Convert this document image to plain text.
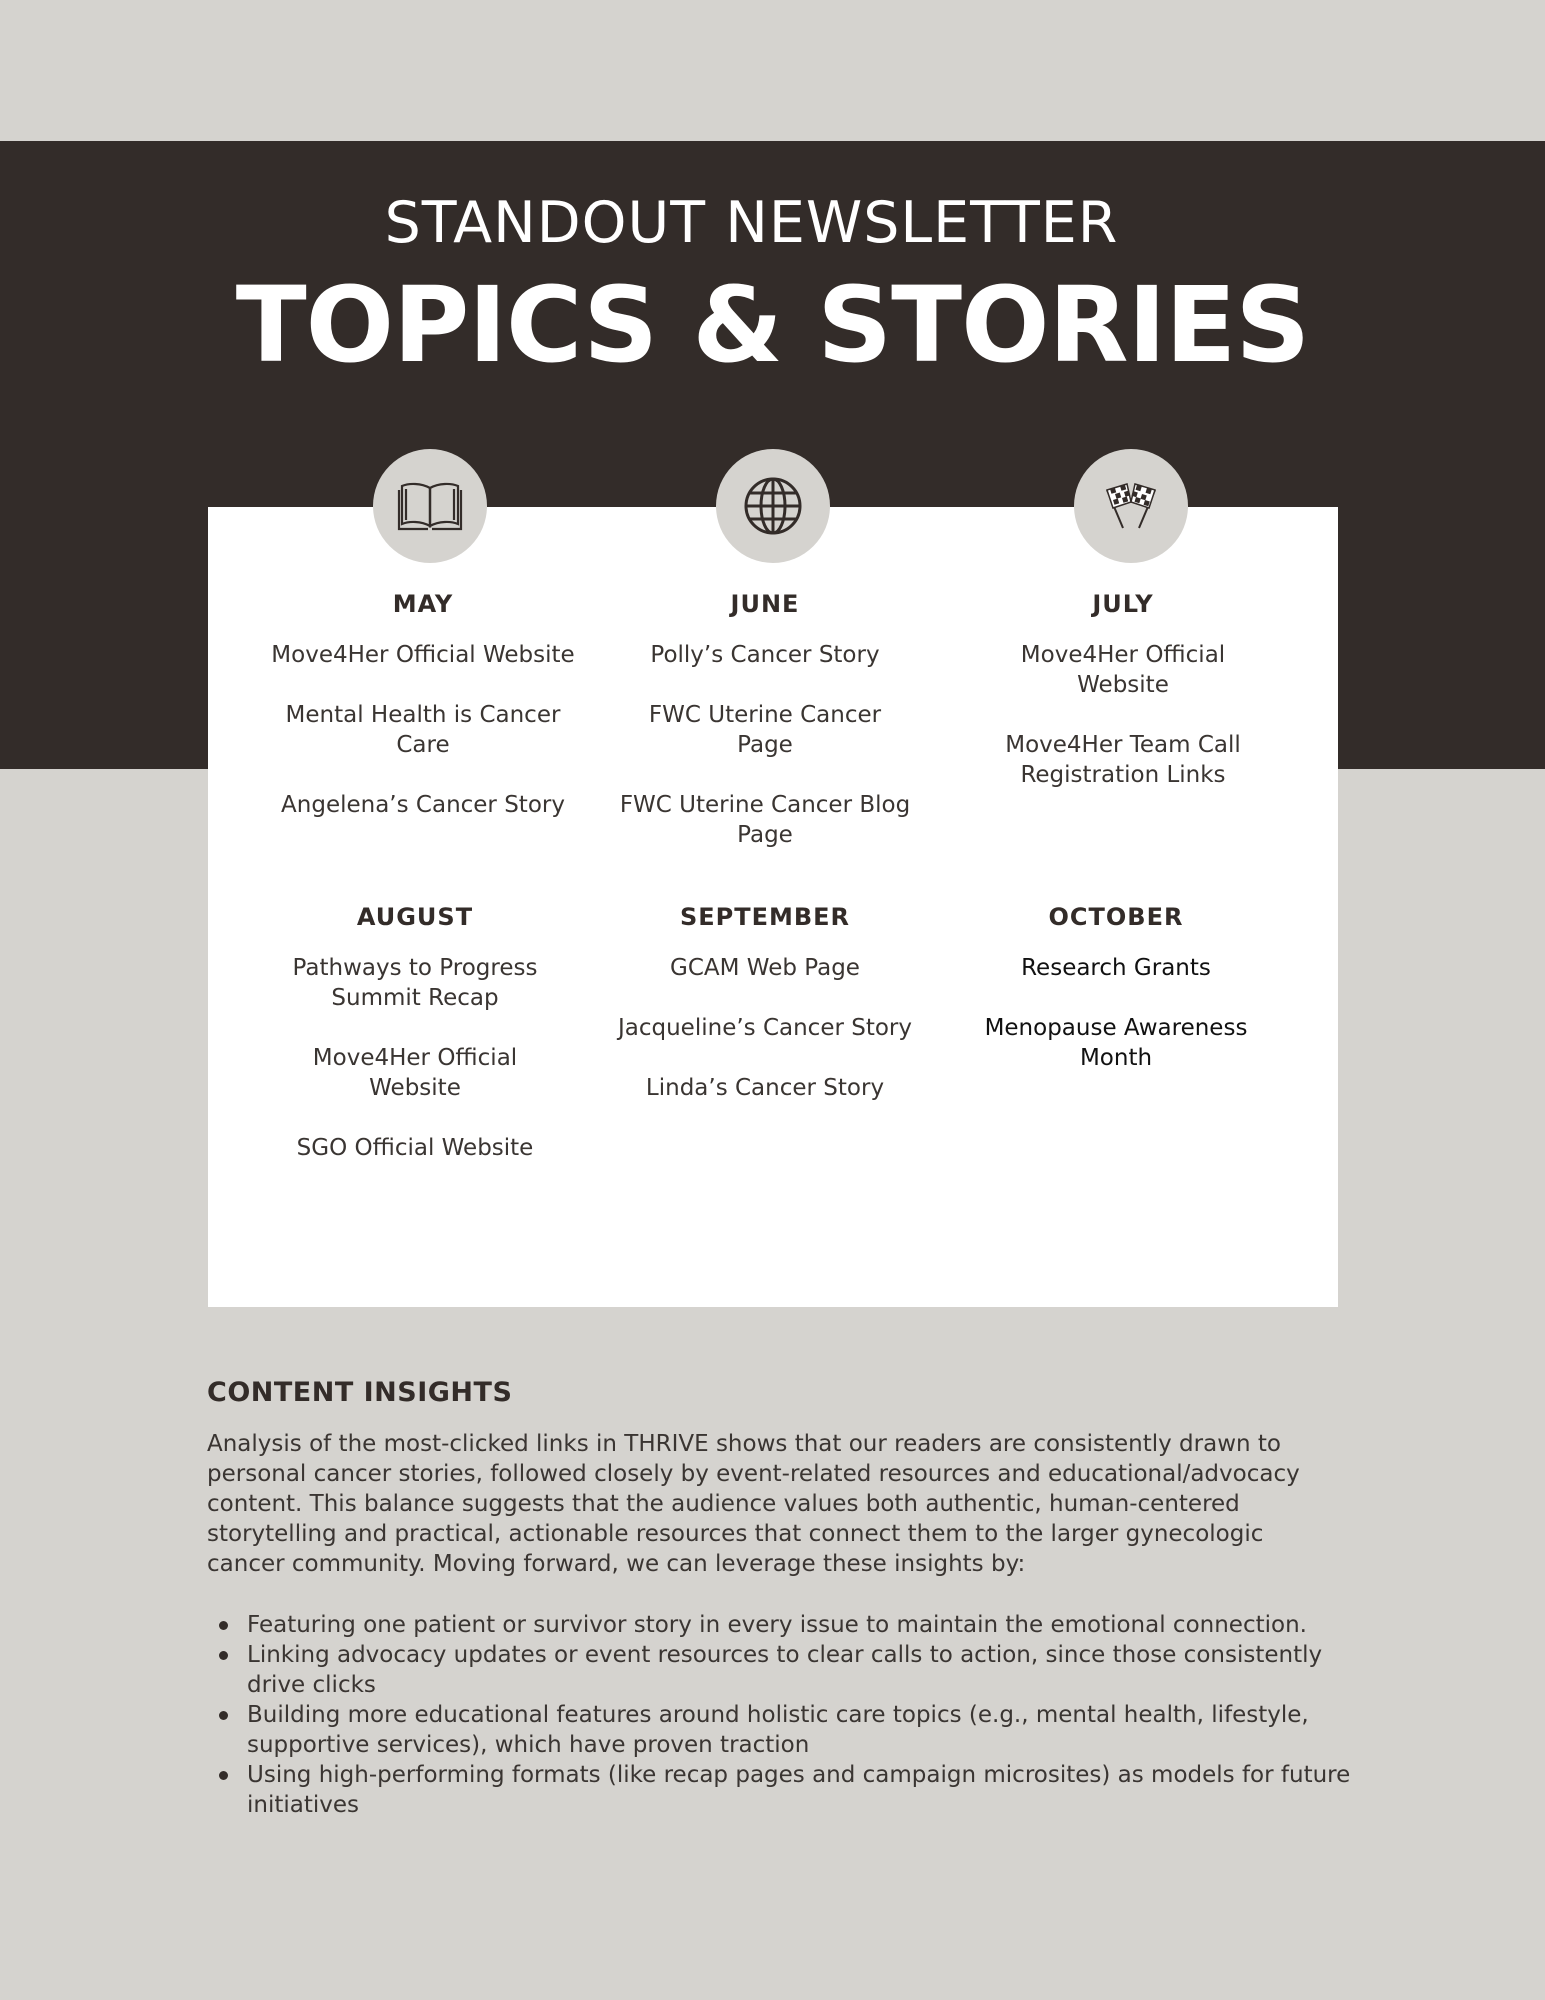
STANDOUT NEWSLETTER
TOPICS & STORIES
MAY
Move4Her Official Website
Mental Health is Cancer Care
Angelena’s Cancer Story
JUNE
Polly’s Cancer Story
FWC Uterine Cancer Page
FWC Uterine Cancer Blog Page
JULY
Move4Her Official Website
Move4Her Team Call Registration Links
AUGUST
Pathways to Progress Summit Recap
Move4Her Official Website
SGO Official Website
SEPTEMBER
GCAM Web Page
Jacqueline’s Cancer Story
Linda’s Cancer Story
OCTOBER
Research Grants
Menopause Awareness Month
CONTENT INSIGHTS
Analysis of the most-clicked links in THRIVE shows that our readers are consistently drawn to personal cancer stories, followed closely by event-related resources and educational/advocacy content. This balance suggests that the audience values both authentic, human-centered storytelling and practical, actionable resources that connect them to the larger gynecologic cancer community. Moving forward, we can leverage these insights by:
Featuring one patient or survivor story in every issue to maintain the emotional connection.
Linking advocacy updates or event resources to clear calls to action, since those consistently drive clicks
Building more educational features around holistic care topics (e.g., mental health, lifestyle, supportive services), which have proven traction
Using high-performing formats (like recap pages and campaign microsites) as models for future initiatives
